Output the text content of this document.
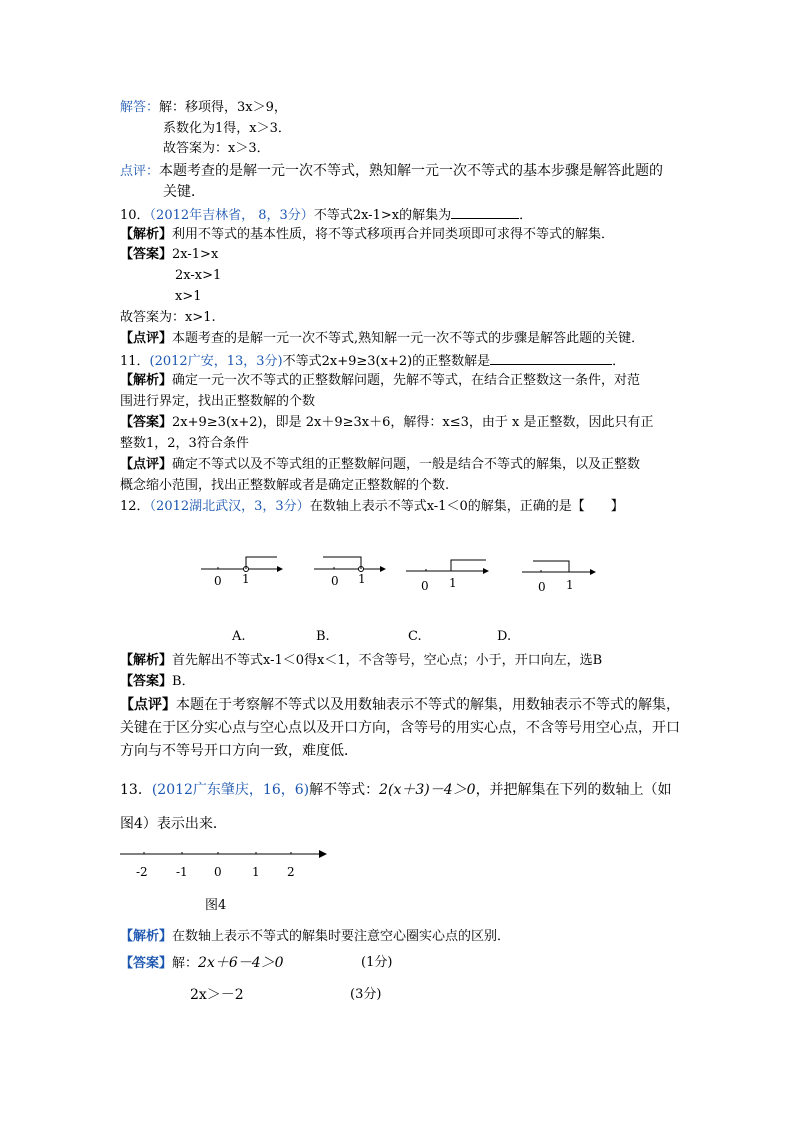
解答：解：移项得，3x＞9，
系数化为1得，x＞3．
故答案为：x＞3．
点评：本题考查的是解一元一次不等式，熟知解一元一次不等式的基本步骤是解答此题的
关键．
10．（2012年吉林省， 8，3分）不等式2x-1>x的解集为	．
【解析】利用不等式的基本性质，将不等式移项再合并同类项即可求得不等式的解集．
【答案】2x-1>x
2x-x>1
x>1
故答案为：x>1.
【点评】本题考查的是解一元一次不等式,熟知解一元一次不等式的步骤是解答此题的关键．
11．(2012广安，13，3分)不等式2x+9≥3(x+2)的正整数解是	．
【解析】确定一元一次不等式的正整数解问题，先解不等式，在结合正整数这一条件，对范
围进行界定，找出正整数解的个数
【答案】2x+9≥3(x+2)，即是 2x＋9≥3x＋6，解得：x≤3，由于 x 是正整数，因此只有正
整数1，2，3符合条件
【点评】确定不等式以及不等式组的正整数解问题，一般是结合不等式的解集，以及正整数
概念缩小范围，找出正整数解或者是确定正整数解的个数.
12．（2012湖北武汉，3，3分）在数轴上表示不等式x-1＜0的解集，正确的是【　　】
0 1	0 1	0 1	0 1
A.	B.	C.	D.
【解析】首先解出不等式x-1＜0得x＜1，不含等号，空心点；小于，开口向左，选B
【答案】B．
【点评】本题在于考察解不等式以及用数轴表示不等式的解集，用数轴表示不等式的解集，
关键在于区分实心点与空心点以及开口方向，含等号的用实心点，不含等号用空心点，开口
方向与不等号开口方向一致，难度低．
13．(2012广东肇庆，16，6)解不等式：2(x＋3)－4＞0，并把解集在下列的数轴上（如
图4）表示出来．
-2 -1 0	1 2
图4
【解析】在数轴上表示不等式的解集时要注意空心圈实心点的区别．
【答案】解：2x＋6－4＞0	(1分)
2x＞－2	(3分)
